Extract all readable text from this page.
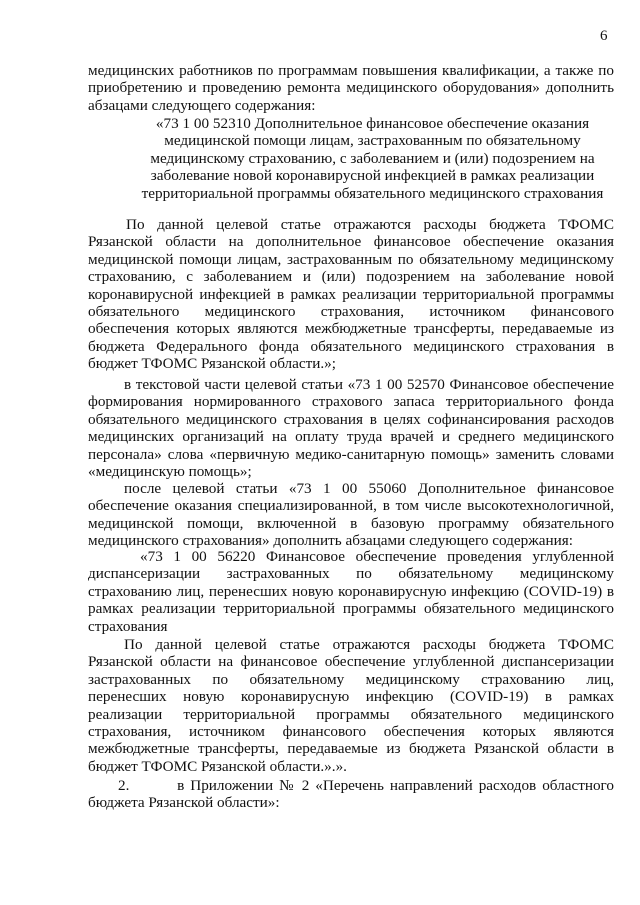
6
медицинских работников по программам повышения квалификации, а также по
приобретению и проведению ремонта медицинского оборудования» дополнить
абзацами следующего содержания:
«73 1 00 52310 Дополнительное финансовое обеспечение оказания
медицинской помощи лицам, застрахованным по обязательному
медицинскому страхованию, с заболеванием и (или) подозрением на
заболевание новой коронавирусной инфекцией в рамках реализации
территориальной программы обязательного медицинского страхования
По данной целевой статье отражаются расходы бюджета ТФОМС
Рязанской области на дополнительное финансовое обеспечение оказания
медицинской помощи лицам, застрахованным по обязательному медицинскому
страхованию, с заболеванием и (или) подозрением на заболевание новой
коронавирусной инфекцией в рамках реализации территориальной программы
обязательного медицинского страхования, источником финансового
обеспечения которых являются межбюджетные трансферты, передаваемые из
бюджета Федерального фонда обязательного медицинского страхования в
бюджет ТФОМС Рязанской области.»;
в текстовой части целевой статьи «73 1 00 52570 Финансовое обеспечение
формирования нормированного страхового запаса территориального фонда
обязательного медицинского страхования в целях софинансирования расходов
медицинских организаций на оплату труда врачей и среднего медицинского
персонала» слова «первичную медико-санитарную помощь» заменить словами
«медицинскую помощь»;
после целевой статьи «73 1 00 55060 Дополнительное финансовое
обеспечение оказания специализированной, в том числе высокотехнологичной,
медицинской помощи, включенной в базовую программу обязательного
медицинского страхования» дополнить абзацами следующего содержания:
«73 1 00 56220 Финансовое обеспечение проведения углубленной
диспансеризации застрахованных по обязательному медицинскому
страхованию лиц, перенесших новую коронавирусную инфекцию (COVID-19) в
рамках реализации территориальной программы обязательного медицинского
страхования
По данной целевой статье отражаются расходы бюджета ТФОМС
Рязанской области на финансовое обеспечение углубленной диспансеризации
застрахованных по обязательному медицинскому страхованию лиц,
перенесших новую коронавирусную инфекцию (COVID-19) в рамках
реализации территориальной программы обязательного медицинского
страхования, источником финансового обеспечения которых являются
межбюджетные трансферты, передаваемые из бюджета Рязанской области в
бюджет ТФОМС Рязанской области.».».
2.        в Приложении № 2 «Перечень направлений расходов областного
бюджета Рязанской области»:
